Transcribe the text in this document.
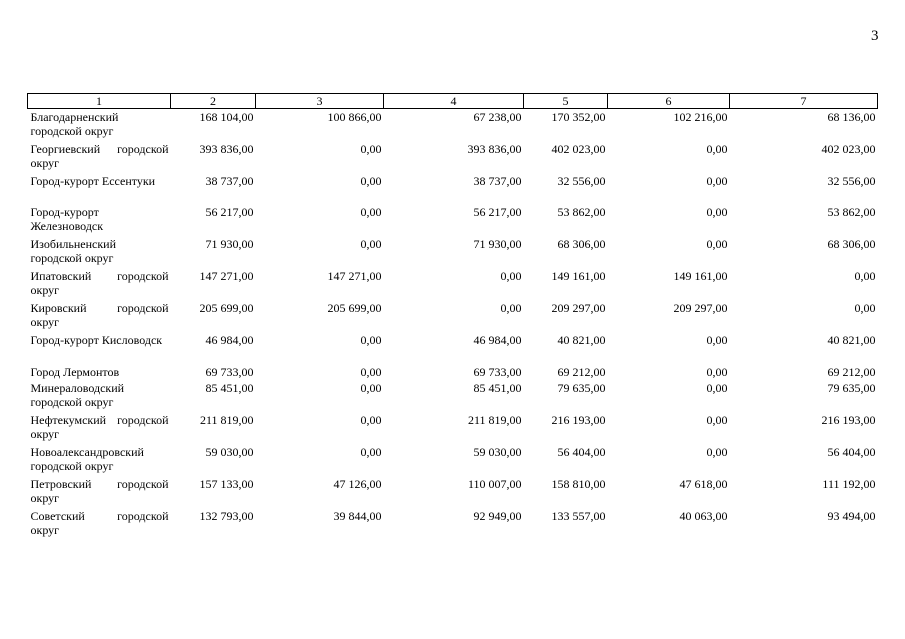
3
1	2	3	4	5	6	7
Благодарненский городской округ	168 104,00	100 866,00	67 238,00	170 352,00	102 216,00	68 136,00
Георгиевский городской округ	393 836,00	0,00	393 836,00	402 023,00	0,00	402 023,00
Город-курорт Ессентуки	38 737,00	0,00	38 737,00	32 556,00	0,00	32 556,00
Город-курорт Железноводск	56 217,00	0,00	56 217,00	53 862,00	0,00	53 862,00
Изобильненский городской округ	71 930,00	0,00	71 930,00	68 306,00	0,00	68 306,00
Ипатовский городской округ	147 271,00	147 271,00	0,00	149 161,00	149 161,00	0,00
Кировский городской округ	205 699,00	205 699,00	0,00	209 297,00	209 297,00	0,00
Город-курорт Кисловодск	46 984,00	0,00	46 984,00	40 821,00	0,00	40 821,00
Город Лермонтов	69 733,00	0,00	69 733,00	69 212,00	0,00	69 212,00
Минераловодский городской округ	85 451,00	0,00	85 451,00	79 635,00	0,00	79 635,00
Нефтекумский городской округ	211 819,00	0,00	211 819,00	216 193,00	0,00	216 193,00
Новоалександровский городской округ	59 030,00	0,00	59 030,00	56 404,00	0,00	56 404,00
Петровский городской округ	157 133,00	47 126,00	110 007,00	158 810,00	47 618,00	111 192,00
Советский городской округ	132 793,00	39 844,00	92 949,00	133 557,00	40 063,00	93 494,00
